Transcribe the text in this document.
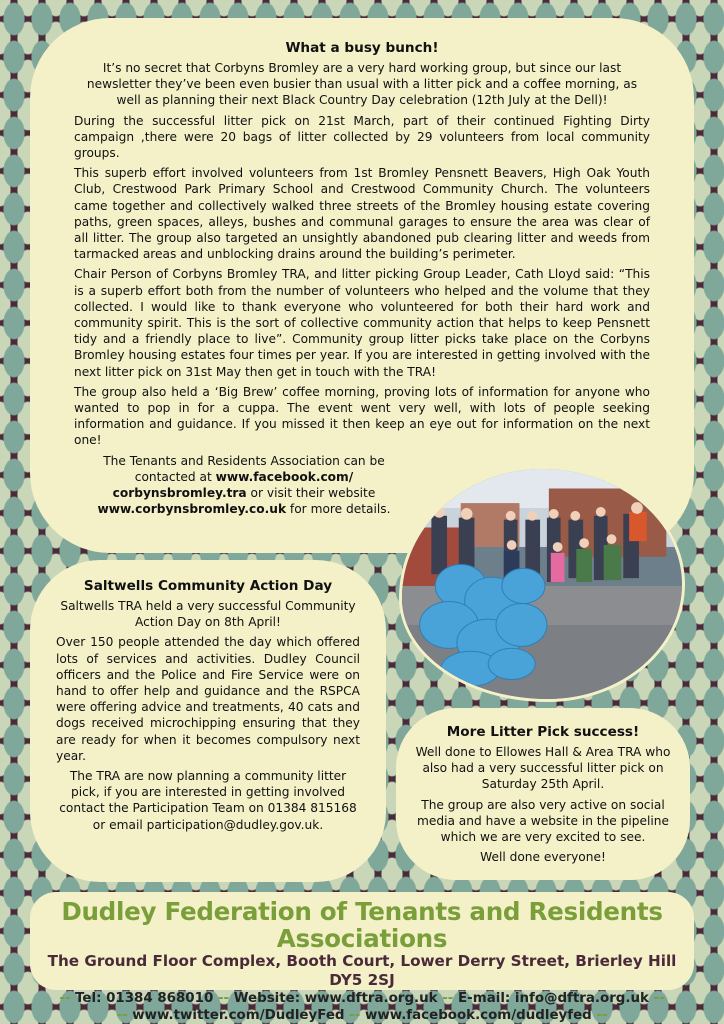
What a busy bunch!

It’s no secret that Corbyns Bromley are a very hard working group, but since our last newsletter they’ve been even busier than usual with a litter pick and a coffee morning, as well as planning their next Black Country Day celebration (12th July at the Dell)!

During the successful litter pick on 21st March, part of their continued Fighting Dirty campaign ,there were 20 bags of litter collected by 29 volunteers from local community groups.

This superb effort involved volunteers from 1st Bromley Pensnett Beavers, High Oak Youth Club, Crestwood Park Primary School and Crestwood Community Church. The volunteers came together and collectively walked three streets of the Bromley housing estate covering paths, green spaces, alleys, bushes and communal garages to ensure the area was clear of all litter. The group also targeted an unsightly abandoned pub clearing litter and weeds from tarmacked areas and unblocking drains around the building’s perimeter.

Chair Person of Corbyns Bromley TRA, and litter picking Group Leader, Cath Lloyd said: “This is a superb effort both from the number of volunteers who helped and the volume that they collected. I would like to thank everyone who volunteered for both their hard work and community spirit. This is the sort of collective community action that helps to keep Pensnett tidy and a friendly place to live”. Community group litter picks take place on the Corbyns Bromley housing estates four times per year. If you are interested in getting involved with the next litter pick on 31st May then get in touch with the TRA!

The group also held a ‘Big Brew’ coffee morning, proving lots of information for anyone who wanted to pop in for a cuppa. The event went very well, with lots of people seeking information and guidance. If you missed it then keep an eye out for information on the next one!

The Tenants and Residents Association can be contacted at www.facebook.com/ corbynsbromley.tra or visit their website www.corbynsbromley.co.uk for more details.

Saltwells Community Action Day

Saltwells TRA held a very successful Community Action Day on 8th April!

Over 150 people attended the day which offered lots of services and activities. Dudley Council officers and the Police and Fire Service were on hand to offer help and guidance and the RSPCA were offering advice and treatments, 40 cats and dogs received microchipping ensuring that they are ready for when it becomes compulsory next year.

The TRA are now planning a community litter pick, if you are interested in getting involved contact the Participation Team on 01384 815168 or email participation@dudley.gov.uk.

More Litter Pick success!

Well done to Ellowes Hall & Area TRA who also had a very successful litter pick on Saturday 25th April.

The group are also very active on social media and have a website in the pipeline which we are very excited to see.

Well done everyone!

Dudley Federation of Tenants and Residents Associations
The Ground Floor Complex, Booth Court, Lower Derry Street, Brierley Hill DY5 2SJ
-- Tel: 01384 868010 -- Website: www.dftra.org.uk -- E-mail: info@dftra.org.uk --
-- www.twitter.com/DudleyFed -- www.facebook.com/dudleyfed --
